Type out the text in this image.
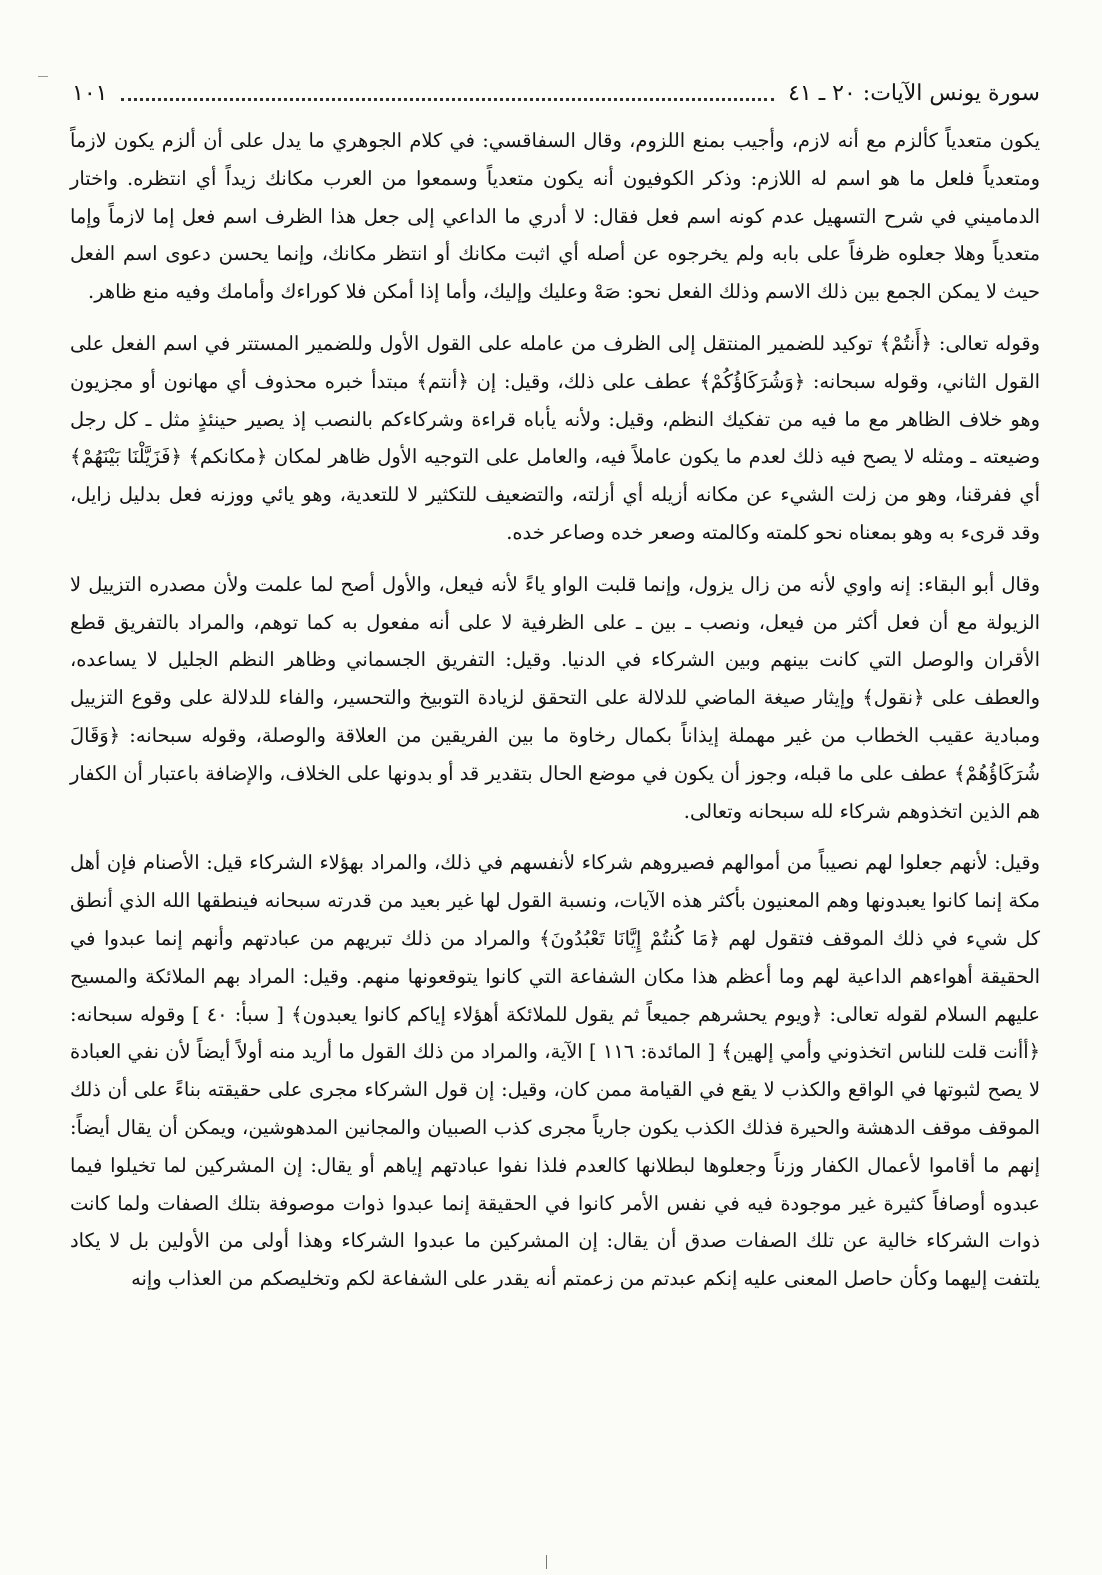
سورة يونس الآيات: ٢٠ ـ ٤١
١٠١

يكون متعدياً كألزم مع أنه لازم، وأجيب بمنع اللزوم، وقال السفاقسي: في كلام الجوهري ما يدل على أن ألزم يكون لازماً ومتعدياً فلعل ما هو اسم له اللازم: وذكر الكوفيون أنه يكون متعدياً وسمعوا من العرب مكانك زيداً أي انتظره. واختار الدماميني في شرح التسهيل عدم كونه اسم فعل فقال: لا أدري ما الداعي إلى جعل هذا الظرف اسم فعل إما لازماً وإما متعدياً وهلا جعلوه ظرفاً على بابه ولم يخرجوه عن أصله أي اثبت مكانك أو انتظر مكانك، وإنما يحسن دعوى اسم الفعل حيث لا يمكن الجمع بين ذلك الاسم وذلك الفعل نحو: صَهْ وعليك وإليك، وأما إذا أمكن فلا كوراءك وأمامك وفيه منع ظاهر.

وقوله تعالى: ﴿أَنتُمْ﴾ توكيد للضمير المنتقل إلى الظرف من عامله على القول الأول وللضمير المستتر في اسم الفعل على القول الثاني، وقوله سبحانه: ﴿وَشُرَكَاؤُكُمْ﴾ عطف على ذلك، وقيل: إن ﴿أنتم﴾ مبتدأ خبره محذوف أي مهانون أو مجزيون وهو خلاف الظاهر مع ما فيه من تفكيك النظم، وقيل: ولأنه يأباه قراءة وشركاءكم بالنصب إذ يصير حينئذٍ مثل ـ كل رجل وضيعته ـ ومثله لا يصح فيه ذلك لعدم ما يكون عاملاً فيه، والعامل على التوجيه الأول ظاهر لمكان ﴿مكانكم﴾ ﴿فَزَيَّلْنَا بَيْنَهُمْ﴾ أي ففرقنا، وهو من زلت الشيء عن مكانه أزيله أي أزلته، والتضعيف للتكثير لا للتعدية، وهو يائي ووزنه فعل بدليل زايل، وقد قرىء به وهو بمعناه نحو كلمته وكالمته وصعر خده وصاعر خده.

وقال أبو البقاء: إنه واوي لأنه من زال يزول، وإنما قلبت الواو ياءً لأنه فيعل، والأول أصح لما علمت ولأن مصدره التزييل لا الزيولة مع أن فعل أكثر من فيعل، ونصب ـ بين ـ على الظرفية لا على أنه مفعول به كما توهم، والمراد بالتفريق قطع الأقران والوصل التي كانت بينهم وبين الشركاء في الدنيا. وقيل: التفريق الجسماني وظاهر النظم الجليل لا يساعده، والعطف على ﴿نقول﴾ وإيثار صيغة الماضي للدلالة على التحقق لزيادة التوبيخ والتحسير، والفاء للدلالة على وقوع التزييل ومبادية عقيب الخطاب من غير مهملة إيذاناً بكمال رخاوة ما بين الفريقين من العلاقة والوصلة، وقوله سبحانه: ﴿وَقَالَ شُرَكَاؤُهُمْ﴾ عطف على ما قبله، وجوز أن يكون في موضع الحال بتقدير قد أو بدونها على الخلاف، والإضافة باعتبار أن الكفار هم الذين اتخذوهم شركاء لله سبحانه وتعالى.

وقيل: لأنهم جعلوا لهم نصيباً من أموالهم فصيروهم شركاء لأنفسهم في ذلك، والمراد بهؤلاء الشركاء قيل: الأصنام فإن أهل مكة إنما كانوا يعبدونها وهم المعنيون بأكثر هذه الآيات، ونسبة القول لها غير بعيد من قدرته سبحانه فينطقها الله الذي أنطق كل شيء في ذلك الموقف فتقول لهم ﴿مَا كُنتُمْ إِيَّانَا تَعْبُدُونَ﴾ والمراد من ذلك تبريهم من عبادتهم وأنهم إنما عبدوا في الحقيقة أهواءهم الداعية لهم وما أعظم هذا مكان الشفاعة التي كانوا يتوقعونها منهم. وقيل: المراد بهم الملائكة والمسيح عليهم السلام لقوله تعالى: ﴿ويوم يحشرهم جميعاً ثم يقول للملائكة أهؤلاء إياكم كانوا يعبدون﴾ [ سبأ: ٤٠ ] وقوله سبحانه: ﴿أأنت قلت للناس اتخذوني وأمي إلهين﴾ [ المائدة: ١١٦ ] الآية، والمراد من ذلك القول ما أريد منه أولاً أيضاً لأن نفي العبادة لا يصح لثبوتها في الواقع والكذب لا يقع في القيامة ممن كان، وقيل: إن قول الشركاء مجرى على حقيقته بناءً على أن ذلك الموقف موقف الدهشة والحيرة فذلك الكذب يكون جارياً مجرى كذب الصبيان والمجانين المدهوشين، ويمكن أن يقال أيضاً: إنهم ما أقاموا لأعمال الكفار وزناً وجعلوها لبطلانها كالعدم فلذا نفوا عبادتهم إياهم أو يقال: إن المشركين لما تخيلوا فيما عبدوه أوصافاً كثيرة غير موجودة فيه في نفس الأمر كانوا في الحقيقة إنما عبدوا ذوات موصوفة بتلك الصفات ولما كانت ذوات الشركاء خالية عن تلك الصفات صدق أن يقال: إن المشركين ما عبدوا الشركاء وهذا أولى من الأولين بل لا يكاد يلتفت إليهما وكأن حاصل المعنى عليه إنكم عبدتم من زعمتم أنه يقدر على الشفاعة لكم وتخليصكم من العذاب وإنه
